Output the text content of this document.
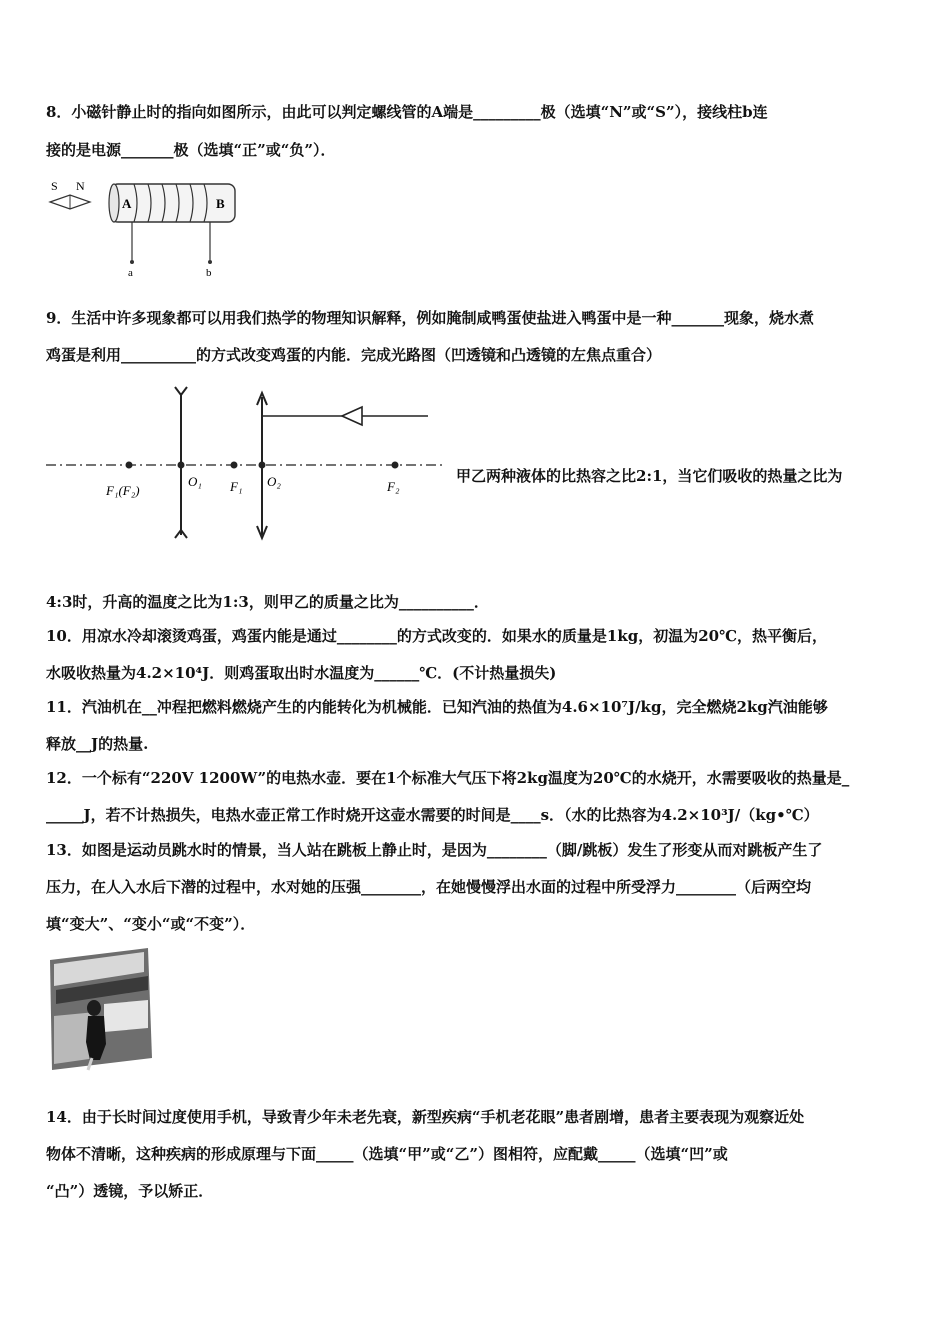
8．小磁针静止时的指向如图所示，由此可以判定螺线管的A端是_________极（选填“N”或“S”），接线柱b连
接的是电源_______极（选填“正”或“负”）．
S N
A	B
a	b
9．生活中许多现象都可以用我们热学的物理知识解释，例如腌制咸鸭蛋使盐进入鸭蛋中是一种_______现象，烧水煮
鸡蛋是利用__________的方式改变鸡蛋的内能．完成光路图（凹透镜和凸透镜的左焦点重合）
F₁(F₂)
O₁ F₁ O₂	F₂
甲乙两种液体的比热容之比2:1，当它们吸收的热量之比为
4:3时，升高的温度之比为1:3，则甲乙的质量之比为__________．
10．用凉水冷却滚烫鸡蛋，鸡蛋内能是通过________的方式改变的．如果水的质量是1kg，初温为20℃，热平衡后，
水吸收热量为4.2×10⁴J．则鸡蛋取出时水温度为______℃．(不计热量损失)
11．汽油机在__冲程把燃料燃烧产生的内能转化为机械能．已知汽油的热值为4.6×10⁷J/kg，完全燃烧2kg汽油能够
释放__J的热量.
12．一个标有“220V 1200W”的电热水壶．要在1个标准大气压下将2kg温度为20℃的水烧开，水需要吸收的热量是_
_____J，若不计热损失，电热水壶正常工作时烧开这壶水需要的时间是____s．（水的比热容为4.2×10³J/（kg•℃）
13．如图是运动员跳水时的情景，当人站在跳板上静止时，是因为________（脚/跳板）发生了形变从而对跳板产生了
压力，在人入水后下潜的过程中，水对她的压强________，在她慢慢浮出水面的过程中所受浮力________（后两空均
填“变大”、“变小“或“不变”）．
14．由于长时间过度使用手机，导致青少年未老先衰，新型疾病“手机老花眼”患者剧增，患者主要表现为观察近处
物体不清晰，这种疾病的形成原理与下面_____（选填“甲”或“乙”）图相符，应配戴_____（选填“凹”或
“凸”）透镜，予以矫正．
